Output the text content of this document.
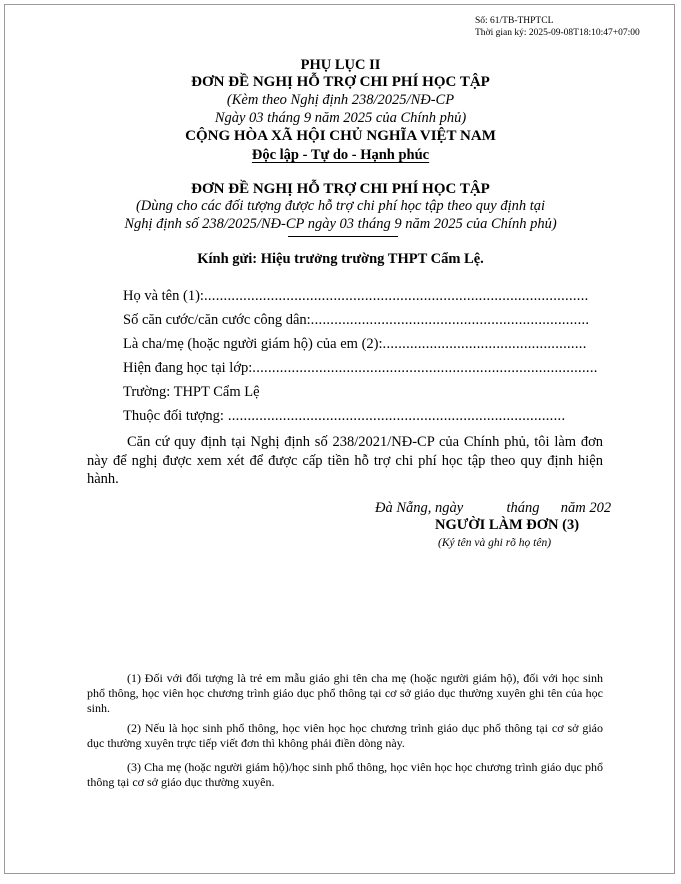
Số: 61/TB-THPTCL
Thời gian ký: 2025-09-08T18:10:47+07:00
PHỤ LỤC II
ĐƠN ĐỀ NGHỊ HỖ TRỢ CHI PHÍ HỌC TẬP
(Kèm theo Nghị định 238/2025/NĐ-CP
Ngày 03 tháng 9 năm 2025 của Chính phủ)
CỘNG HÒA XÃ HỘI CHỦ NGHĨA VIỆT NAM
Độc lập - Tự do - Hạnh phúc
ĐƠN ĐỀ NGHỊ HỖ TRỢ CHI PHÍ HỌC TẬP
(Dùng cho các đối tượng được hỗ trợ chi phí học tập theo quy định tại
Nghị định số 238/2025/NĐ-CP ngày 03 tháng 9 năm 2025 của Chính phủ)
Kính gửi: Hiệu trưởng trường THPT Cẩm Lệ.
Họ và tên (1):..................................................................................................
Số căn cước/căn cước công dân:.......................................................................
Là cha/mẹ (hoặc người giám hộ) của em (2):....................................................
Hiện đang học tại lớp:........................................................................................
Trường: THPT Cẩm Lệ
Thuộc đối tượng: ......................................................................................
Căn cứ quy định tại Nghị định số 238/2021/NĐ-CP của Chính phủ, tôi làm đơn này để nghị được xem xét để được cấp tiền hỗ trợ chi phí học tập theo quy định hiện hành.
Đà Nẵng, ngày	tháng năm 202
NGƯỜI LÀM ĐƠN (3)
(Ký tên và ghi rõ họ tên)
(1) Đối với đối tượng là trẻ em mẫu giáo ghi tên cha mẹ (hoặc người giám hộ), đối với học sinh phổ thông, học viên học chương trình giáo dục phổ thông tại cơ sở giáo dục thường xuyên ghi tên của học sinh.
(2) Nếu là học sinh phổ thông, học viên học học chương trình giáo dục phổ thông tại cơ sở giáo dục thường xuyên trực tiếp viết đơn thì không phải điền dòng này.
(3) Cha mẹ (hoặc người giám hộ)/học sinh phổ thông, học viên học học chương trình giáo dục phổ thông tại cơ sở giáo dục thường xuyên.
